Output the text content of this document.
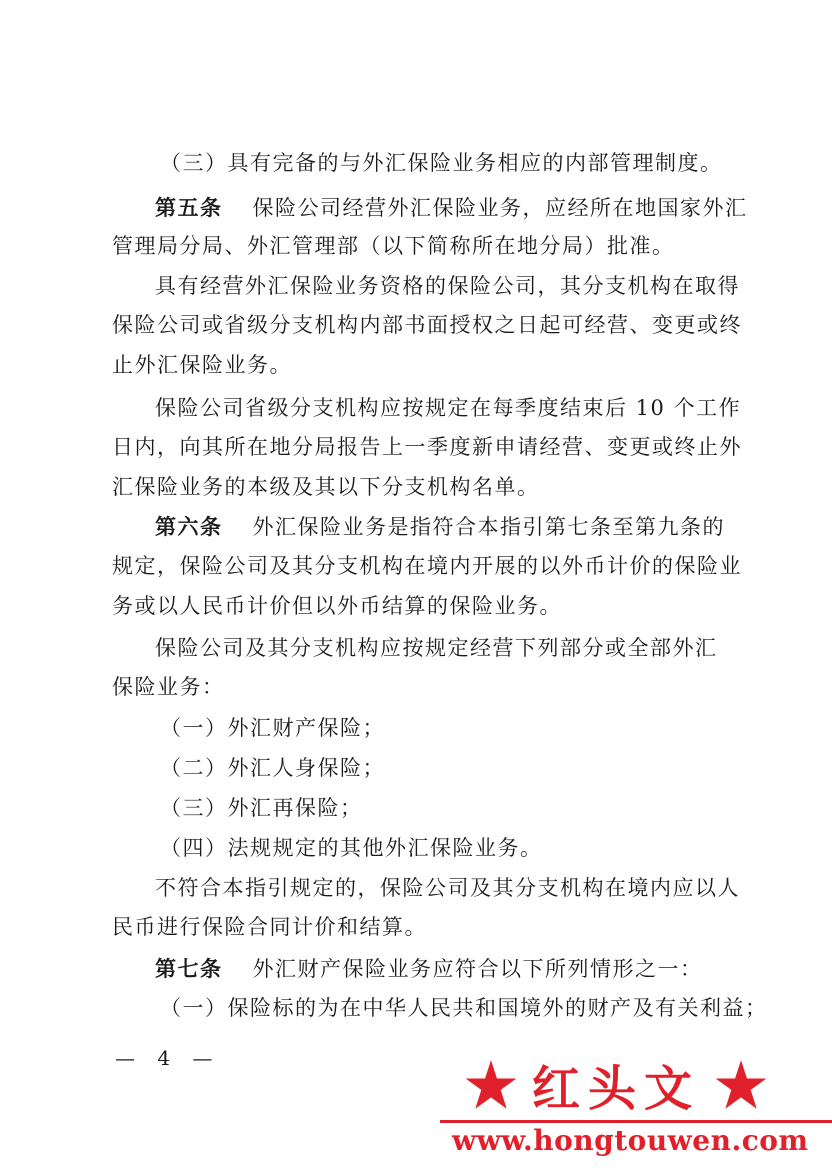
（三）具有完备的与外汇保险业务相应的内部管理制度。
第五条 保险公司经营外汇保险业务，应经所在地国家外汇
管理局分局、外汇管理部（以下简称所在地分局）批准。
具有经营外汇保险业务资格的保险公司，其分支机构在取得
保险公司或省级分支机构内部书面授权之日起可经营、变更或终
止外汇保险业务。
保险公司省级分支机构应按规定在每季度结束后 10 个工作
日内，向其所在地分局报告上一季度新申请经营、变更或终止外
汇保险业务的本级及其以下分支机构名单。
第六条 外汇保险业务是指符合本指引第七条至第九条的
规定，保险公司及其分支机构在境内开展的以外币计价的保险业
务或以人民币计价但以外币结算的保险业务。
保险公司及其分支机构应按规定经营下列部分或全部外汇
保险业务：
（一）外汇财产保险；
（二）外汇人身保险；
（三）外汇再保险；
（四）法规规定的其他外汇保险业务。
不符合本指引规定的，保险公司及其分支机构在境内应以人
民币进行保险合同计价和结算。
第七条 外汇财产保险业务应符合以下所列情形之一：
（一）保险标的为在中华人民共和国境外的财产及有关利益；
— 4 —
红头文
www.hongtouwen.com
